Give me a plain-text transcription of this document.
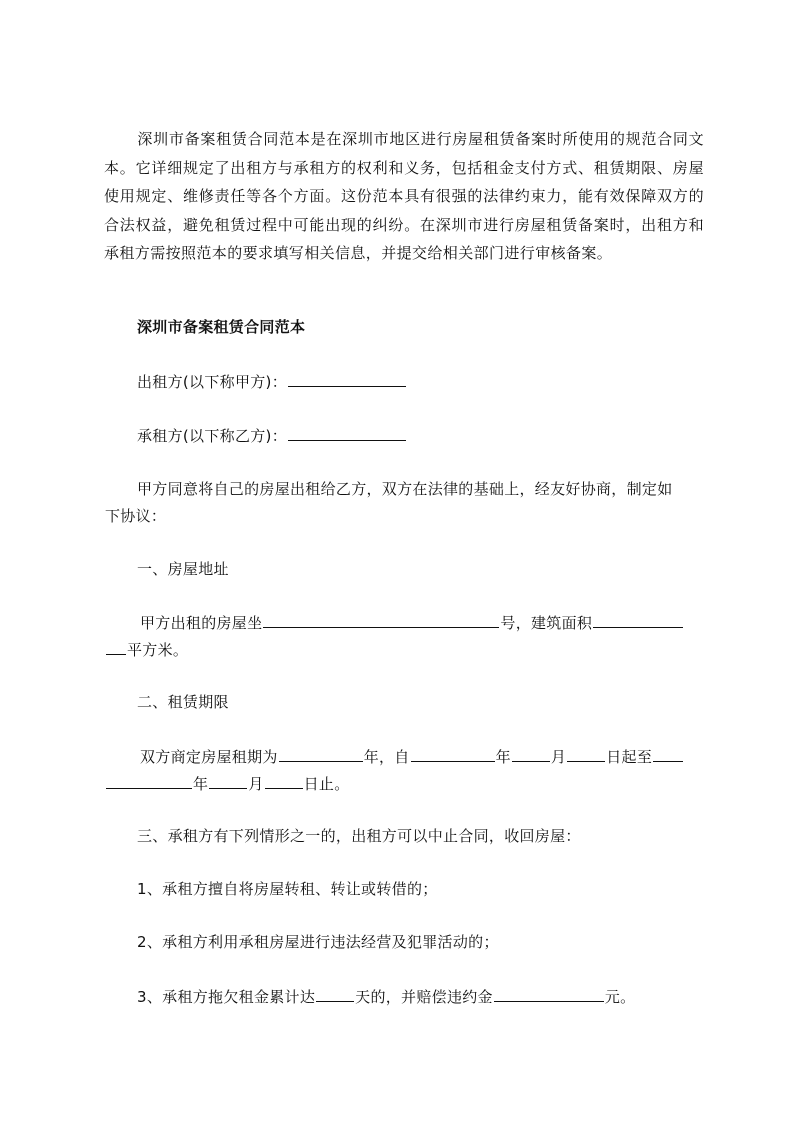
深圳市备案租赁合同范本是在深圳市地区进行房屋租赁备案时所使用的规范合同文本。它详细规定了出租方与承租方的权利和义务，包括租金支付方式、租赁期限、房屋使用规定、维修责任等各个方面。这份范本具有很强的法律约束力，能有效保障双方的合法权益，避免租赁过程中可能出现的纠纷。在深圳市进行房屋租赁备案时，出租方和承租方需按照范本的要求填写相关信息，并提交给相关部门进行审核备案。
深圳市备案租赁合同范本
出租方(以下称甲方)：
承租方(以下称乙方)：
甲方同意将自己的房屋出租给乙方，双方在法律的基础上，经友好协商，制定如
下协议：
一、房屋地址
甲方出租的房屋坐	号，建筑面积
平方米。
二、租赁期限
双方商定房屋租期为	年，自	年	月	日起至
年	月	日止。
三、承租方有下列情形之一的，出租方可以中止合同，收回房屋：
1、承租方擅自将房屋转租、转让或转借的；
2、承租方利用承租房屋进行违法经营及犯罪活动的；
3、承租方拖欠租金累计达	天的，并赔偿违约金	元。
